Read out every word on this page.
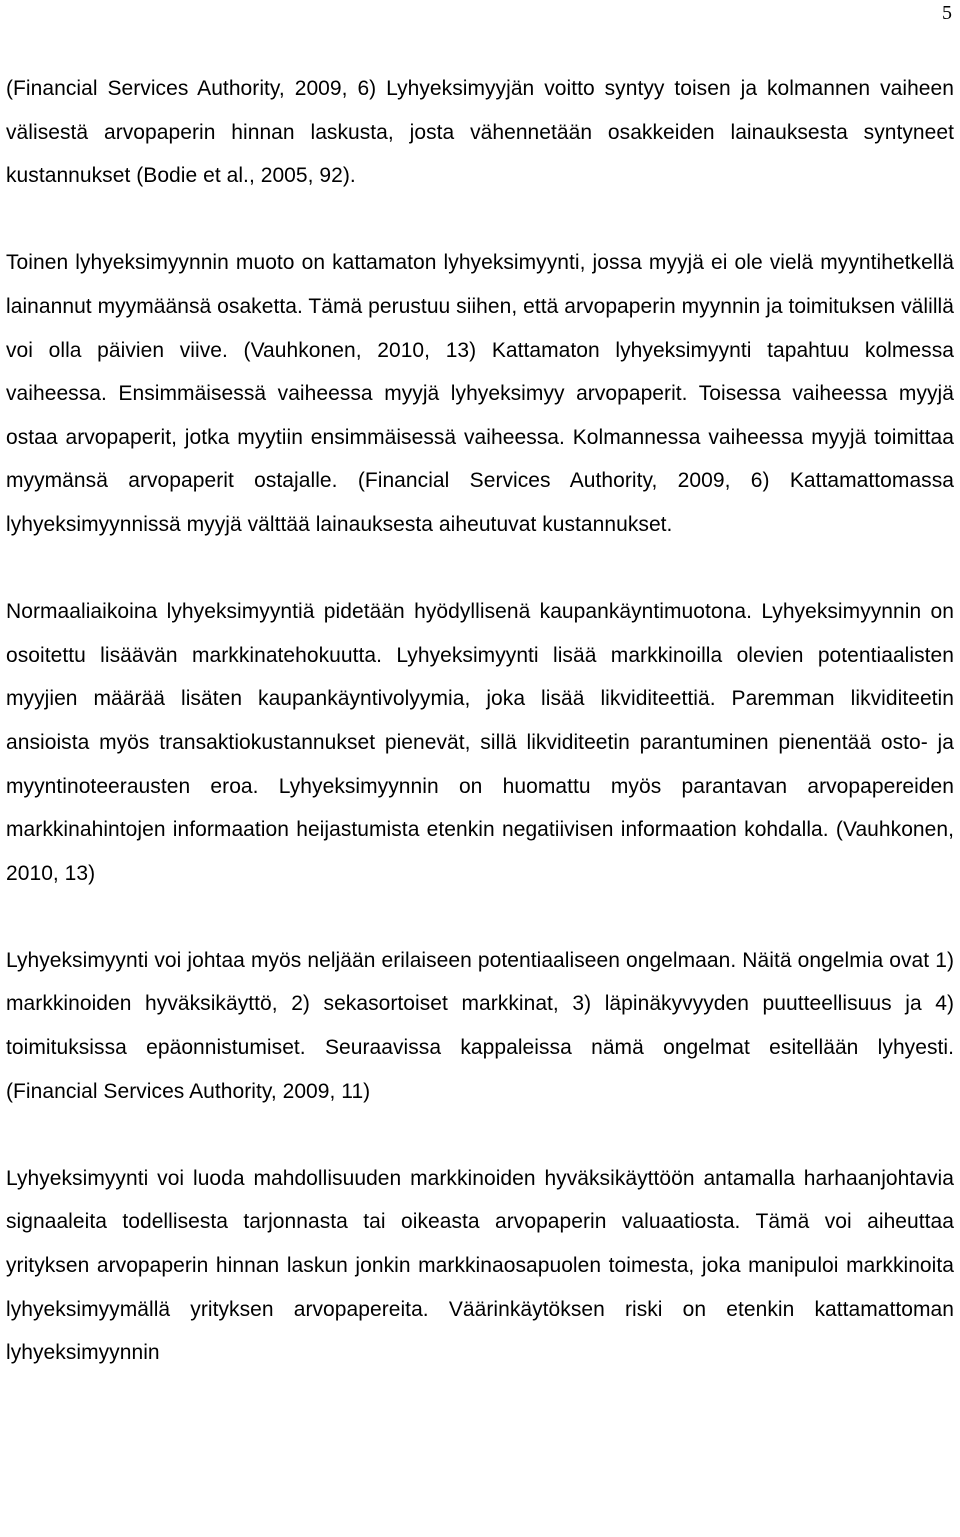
5

(Financial Services Authority, 2009, 6) Lyhyeksimyyjän voitto syntyy toisen ja kolmannen vaiheen välisestä arvopaperin hinnan laskusta, josta vähennetään osakkeiden lainauksesta syntyneet kustannukset (Bodie et al., 2005, 92).

Toinen lyhyeksimyynnin muoto on kattamaton lyhyeksimyynti, jossa myyjä ei ole vielä myyntihetkellä lainannut myymäänsä osaketta. Tämä perustuu siihen, että arvopaperin myynnin ja toimituksen välillä voi olla päivien viive. (Vauhkonen, 2010, 13) Kattamaton lyhyeksimyynti tapahtuu kolmessa vaiheessa. Ensimmäisessä vaiheessa myyjä lyhyeksimyy arvopaperit. Toisessa vaiheessa myyjä ostaa arvopaperit, jotka myytiin ensimmäisessä vaiheessa. Kolmannessa vaiheessa myyjä toimittaa myymänsä arvopaperit ostajalle. (Financial Services Authority, 2009, 6) Kattamattomassa lyhyeksimyynnissä myyjä välttää lainauksesta aiheutuvat kustannukset.

Normaaliaikoina lyhyeksimyyntiä pidetään hyödyllisenä kaupankäyntimuotona. Lyhyeksimyynnin on osoitettu lisäävän markkinatehokuutta. Lyhyeksimyynti lisää markkinoilla olevien potentiaalisten myyjien määrää lisäten kaupankäyntivolyymia, joka lisää likviditeettiä. Paremman likviditeetin ansioista myös transaktiokustannukset pienevät, sillä likviditeetin parantuminen pienentää osto- ja myyntinoteerausten eroa. Lyhyeksimyynnin on huomattu myös parantavan arvopapereiden markkinahintojen informaation heijastumista etenkin negatiivisen informaation kohdalla. (Vauhkonen, 2010, 13)

Lyhyeksimyynti voi johtaa myös neljään erilaiseen potentiaaliseen ongelmaan. Näitä ongelmia ovat 1) markkinoiden hyväksikäyttö, 2) sekasortoiset markkinat, 3) läpinäkyvyyden puutteellisuus ja 4) toimituksissa epäonnistumiset. Seuraavissa kappaleissa nämä ongelmat esitellään lyhyesti. (Financial Services Authority, 2009, 11)

Lyhyeksimyynti voi luoda mahdollisuuden markkinoiden hyväksikäyttöön antamalla harhaanjohtavia signaaleita todellisesta tarjonnasta tai oikeasta arvopaperin valuaatiosta. Tämä voi aiheuttaa yrityksen arvopaperin hinnan laskun jonkin markkinaosapuolen toimesta, joka manipuloi markkinoita lyhyeksimyymällä yrityksen arvopapereita. Väärinkäytöksen riski on etenkin kattamattoman lyhyeksimyynnin
